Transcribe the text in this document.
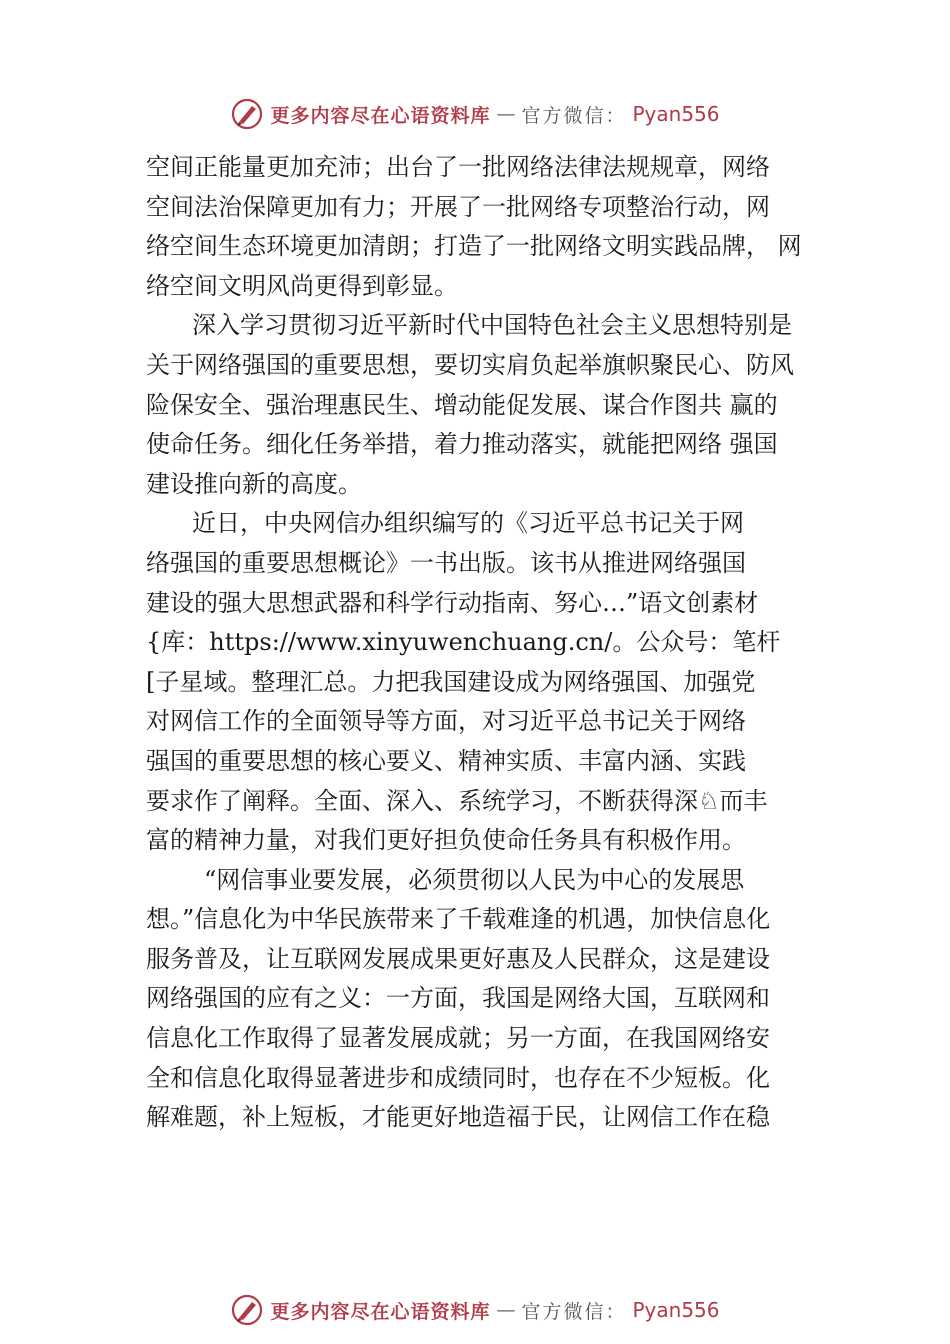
更多内容尽在心语资料库 — 官方微信： Pyan556
空间正能量更加充沛；出台了一批网络法律法规规章，网络
空间法治保障更加有力；开展了一批网络专项整治行动，网
络空间生态环境更加清朗；打造了一批网络文明实践品牌， 网
络空间文明风尚更得到彰显。
深入学习贯彻习近平新时代中国特色社会主义思想特别是
关于网络强国的重要思想，要切实肩负起举旗帜聚民心、防风
险保安全、强治理惠民生、增动能促发展、谋合作图共 赢的
使命任务。细化任务举措，着力推动落实，就能把网络 强国
建设推向新的高度。
近日，中央网信办组织编写的《习近平总书记关于网
络强国的重要思想概论》一书出版。该书从推进网络强国
建设的强大思想武器和科学行动指南、努心…”语文创素材
{库：https://www.xinyuwenchuang.cn/。公众号：笔杆
[子星域。整理汇总。力把我国建设成为网络强国、加强党
对网信工作的全面领导等方面，对习近平总书记关于网络
强国的重要思想的核心要义、精神实质、丰富内涵、实践
要求作了阐释。全面、深入、系统学习，不断获得深♘而丰
富的精神力量，对我们更好担负使命任务具有积极作用。
“网信事业要发展，必须贯彻以人民为中心的发展思
想。”信息化为中华民族带来了千载难逢的机遇，加快信息化
服务普及，让互联网发展成果更好惠及人民群众，这是建设
网络强国的应有之义：一方面，我国是网络大国，互联网和
信息化工作取得了显著发展成就；另一方面，在我国网络安
全和信息化取得显著进步和成绩同时，也存在不少短板。化
解难题，补上短板，才能更好地造福于民，让网信工作在稳
更多内容尽在心语资料库 — 官方微信： Pyan556
